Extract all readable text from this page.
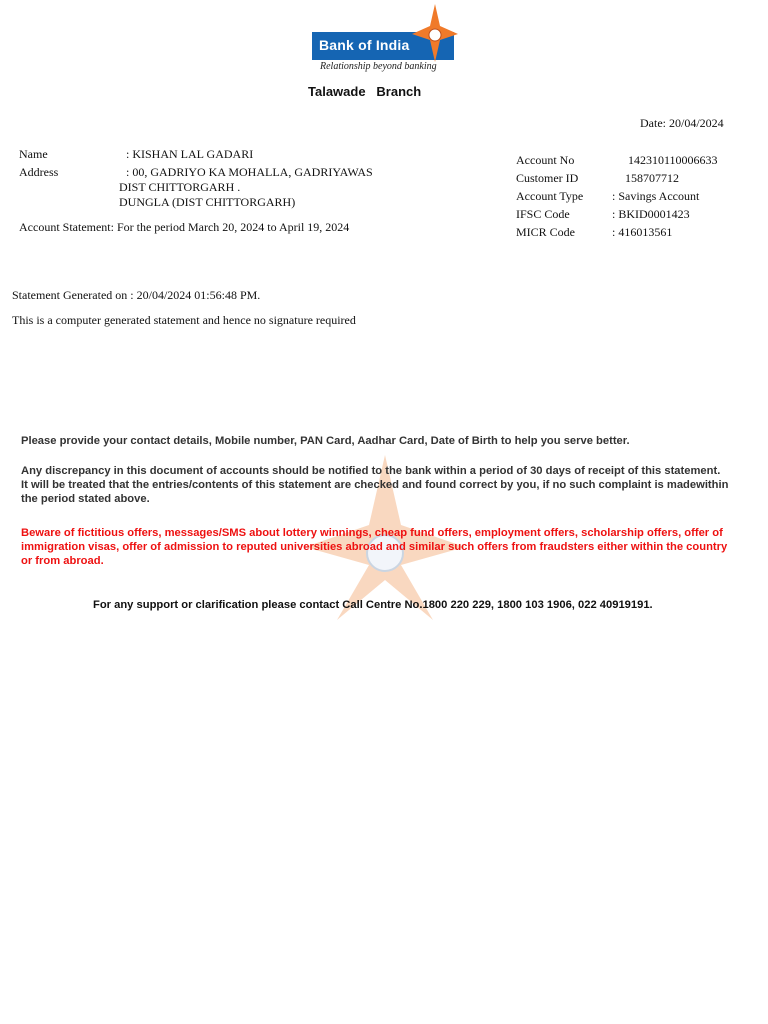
Bank of India
Relationship beyond banking
Talawade   Branch
Date: 20/04/2024
Name	: KISHAN LAL GADARI
Address	: 00, GADRIYO KA MOHALLA, GADRIYAWAS
DIST CHITTORGARH .
DUNGLA (DIST CHITTORGARH)
Account Statement: For the period March 20, 2024 to April 19, 2024
Account No	142310110006633
Customer ID	158707712
Account Type : Savings Account
IFSC Code	: BKID0001423
MICR Code	: 416013561
Statement Generated on : 20/04/2024 01:56:48 PM.
This is a computer generated statement and hence no signature required
Please provide your contact details, Mobile number, PAN Card, Aadhar Card, Date of Birth to help you serve better.
Any discrepancy in this document of accounts should be notified to the bank within a period of 30 days of receipt of this statement.
It will be treated that the entries/contents of this statement are checked and found correct by you, if no such complaint is madewithin
the period stated above.
Beware of fictitious offers, messages/SMS about lottery winnings, cheap fund offers, employment offers, scholarship offers, offer of
immigration visas, offer of admission to reputed universities abroad and similar such offers from fraudsters either within the country
or from abroad.
For any support or clarification please contact Call Centre No.1800 220 229, 1800 103 1906, 022 40919191.
